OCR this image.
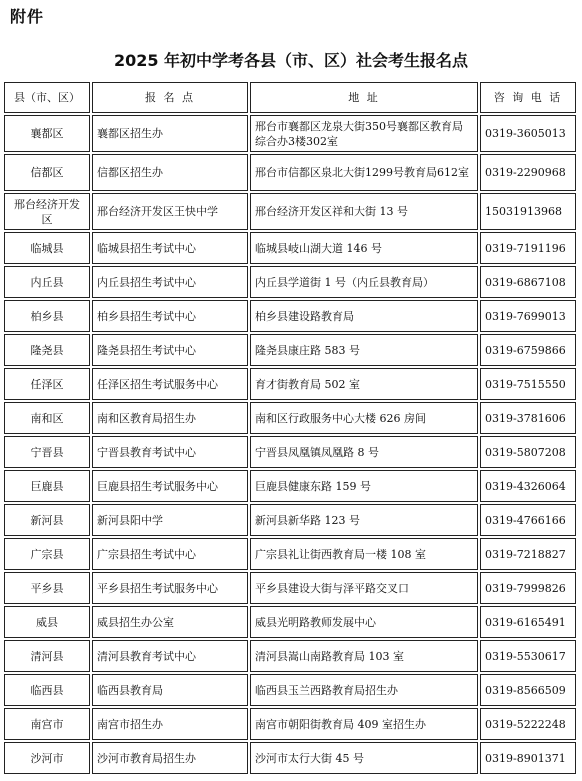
附件
2025 年初中学考各县（市、区）社会考生报名点
县（市、区）	报 名 点	地 址	咨 询 电 话
襄都区	襄都区招生办	邢台市襄都区龙泉大街350号襄都区教育局综合办3楼302室	0319-3605013
信都区	信都区招生办	邢台市信都区泉北大街1299号教育局612室	0319-2290968
邢台经济开发区	邢台经济开发区王快中学	邢台经济开发区祥和大街 13 号	15031913968
临城县	临城县招生考试中心	临城县岐山湖大道 146 号	0319-7191196
内丘县	内丘县招生考试中心	内丘县学道街 1 号（内丘县教育局）	0319-6867108
柏乡县	柏乡县招生考试中心	柏乡县建设路教育局	0319-7699013
隆尧县	隆尧县招生考试中心	隆尧县康庄路 583 号	0319-6759866
任泽区	任泽区招生考试服务中心	育才街教育局 502 室	0319-7515550
南和区	南和区教育局招生办	南和区行政服务中心大楼 626 房间	0319-3781606
宁晋县	宁晋县教育考试中心	宁晋县凤凰镇凤凰路 8 号	0319-5807208
巨鹿县	巨鹿县招生考试服务中心	巨鹿县健康东路 159 号	0319-4326064
新河县	新河县阳中学	新河县新华路 123 号	0319-4766166
广宗县	广宗县招生考试中心	广宗县礼让街西教育局一楼 108 室	0319-7218827
平乡县	平乡县招生考试服务中心	平乡县建设大街与泽平路交叉口	0319-7999826
威县	威县招生办公室	威县光明路教师发展中心	0319-6165491
清河县	清河县教育考试中心	清河县嵩山南路教育局 103 室	0319-5530617
临西县	临西县教育局	临西县玉兰西路教育局招生办	0319-8566509
南宫市	南宫市招生办	南宫市朝阳街教育局 409 室招生办	0319-5222248
沙河市	沙河市教育局招生办	沙河市太行大街 45 号	0319-8901371
